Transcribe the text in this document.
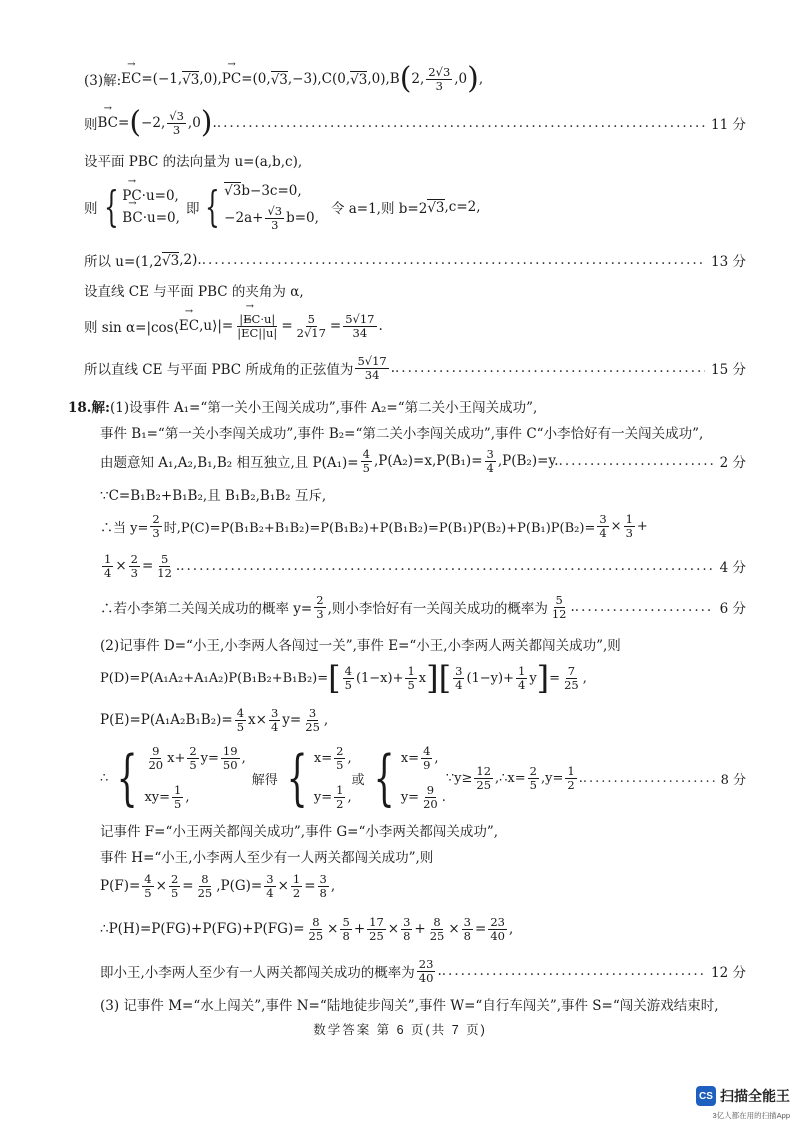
(3)解: → EC =(−1, √ 3 ,0), → PC =(0, √ 3 ,−3),C(0, √ 3 ,0),B ( 2, $\frac{2√3}{3} ,0$ ) ,
则 → BC = ( −2, $\frac{√3}{3} ,0$ ) . .....	11 分
设平面 PBC 的法向量为 u=(a,b,c),
则 { → PC·u=0,
→ BC·u=0,
即 { √ 3b−3c=0,
$-2a+ \frac{√3}{3} b=0$,
令 a=1,则 b=2 √ 3 ,c=2,
所以 u=(1,2 √ 3 ,2). .....	13 分
设直线 CE 与平面 PBC 的夹角为 α,
则 sin α=|cos⟨ → EC ,u⟩|= → |EC·u|
→ $|EC||u| = \frac{5}{2√17} = \frac{5√17}{34}$ .
所以直线 CE 与平面 PBC 所成角的正弦值为 $\frac{5√17}{34}$ . .....	15 分
18.解: (1)设事件 A₁=“第一关小王闯关成功”,事件 A₂=“第二关小王闯关成功”,
事件 B₁=“第一关小李闯关成功”,事件 B₂=“第二关小李闯关成功”,事件 C“小李恰好有一关闯关成功”,
由题意知 A₁,A₂,B₁,B₂ 相互独立,且 $P(A_1)= \frac{4}{5} ,P(A_2)=x,P(B_1)= \frac{3}{4} ,P(B_2)=y$. .....	2 分
∵C=B₁B₂+B₁B₂,且 B₁B₂,B₁B₂ 互斥,
∴当 $y= \frac{2}{3}$ 时$,P(C)=P(B_1B_2+B_1B_2)=P(B_1B_2)+P(B_1B_2)=P(B_1)P(B_2)+P(B_1)P(B_2)= \frac{3}{4} \times \frac{1}{3}$ +
$\frac{1}{4} \times \frac{2}{3} = \frac{5}{12}$ . .....	4 分
∴若小李第二关闯关成功的概率 $y= \frac{2}{3}$ ,则小李恰好有一关闯关成功的概率为 $\frac{5}{12}$ . .....	6 分
(2)记事件 D=“小王,小李两人各闯过一关”,事件 E=“小王,小李两人两关都闯关成功”,则
P(D)=P(A₁A₂+A₁A₂)P(B₁B₂+B₁B₂)= [ $\frac{4}{5} (1-x)+ \frac{1}{5}$ x ] [ $\frac{3}{4} (1-y)+ \frac{1}{4}$ y ] = $\frac{7}{25}$ ,
$P(E)=P(A_1A_2B_1B_2)= \frac{4}{5} x\times \frac{3}{4} y= \frac{3}{25}$ ,
∴ { $\frac{9}{20} x+ \frac{2}{5} y= \frac{19}{50}$ ,
$xy= \frac{1}{5}$ ,
解得 { $x= \frac{2}{5}$ ,
$y= \frac{1}{2}$ ,
或 { $x= \frac{4}{9}$ ,
$y= \frac{9}{20}$ .
∵y≥ $\frac{12}{25}$ ,∴x= $\frac{2}{5} ,y= \frac{1}{2}$ . .....	8 分
记事件 F=“小王两关都闯关成功”,事件 G=“小李两关都闯关成功”,
事件 H=“小王,小李两人至少有一人两关都闯关成功”,则
$P(F)= \frac{4}{5} \times \frac{2}{5} = \frac{8}{25} ,P(G)= \frac{3}{4} \times \frac{1}{2} = \frac{3}{8}$ ,
∴P(H)=P(FG)+P(FG)+P(FG)= $\frac{8}{25} \times \frac{5}{8} + \frac{17}{25} \times \frac{3}{8} + \frac{8}{25} \times \frac{3}{8} = \frac{23}{40}$ ,
即小王,小李两人至少有一人两关都闯关成功的概率为 $\frac{23}{40}$ . .....	12 分
(3) 记事件 M=“水上闯关”,事件 N=“陆地徒步闯关”,事件 W=“自行车闯关”,事件 S=“闯关游戏结束时,
数学答案 第 6 页(共 7 页)
CS 扫描全能王
3亿人都在用的扫描App
